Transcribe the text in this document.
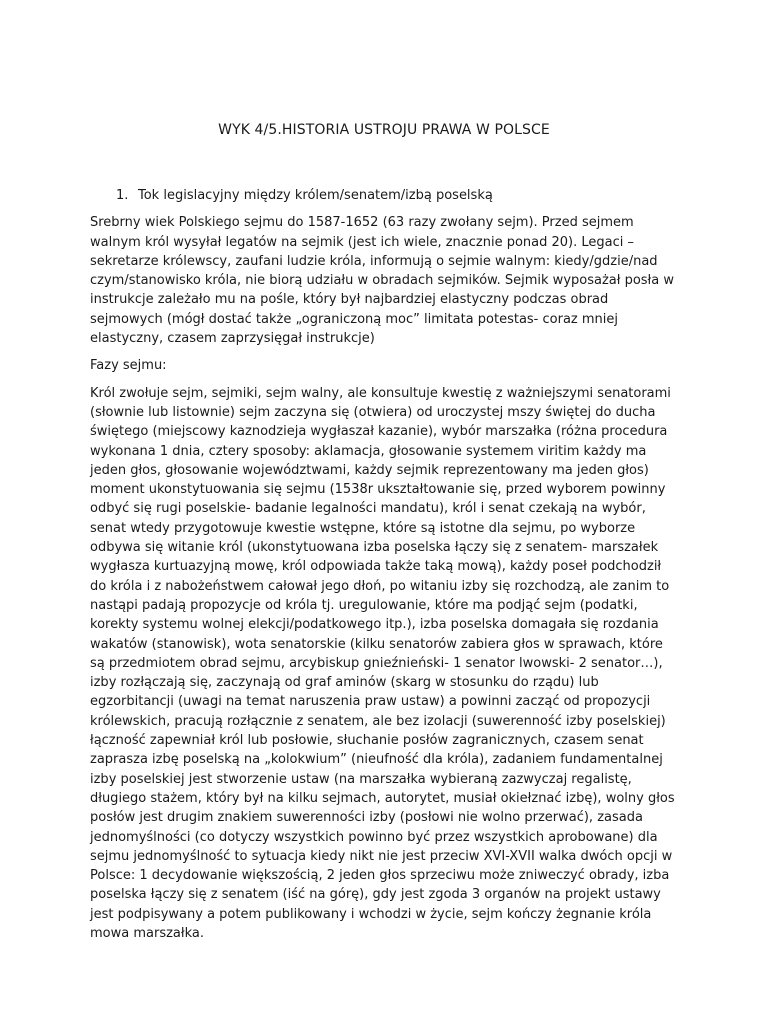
WYK 4/5.HISTORIA USTROJU PRAWA W POLSCE
1. Tok legislacyjny między królem/senatem/izbą poselską

Srebrny wiek Polskiego sejmu do 1587-1652 (63 razy zwołany sejm). Przed sejmem walnym król wysyłał legatów na sejmik (jest ich wiele, znacznie ponad 20). Legaci – sekretarze królewscy, zaufani ludzie króla, informują o sejmie walnym: kiedy/gdzie/nad czym/stanowisko króla, nie biorą udziału w obradach sejmików. Sejmik wyposażał posła w instrukcje zależało mu na pośle, który był najbardziej elastyczny podczas obrad sejmowych (mógł dostać także „ograniczoną moc” limitata potestas- coraz mniej elastyczny, czasem zaprzysięgał instrukcje)

Fazy sejmu:

Król zwołuje sejm, sejmiki, sejm walny, ale konsultuje kwestię z ważniejszymi senatorami (słownie lub listownie) sejm zaczyna się (otwiera) od uroczystej mszy świętej do ducha świętego (miejscowy kaznodzieja wygłaszał kazanie), wybór marszałka (różna procedura wykonana 1 dnia, cztery sposoby: aklamacja, głosowanie systemem viritim każdy ma jeden głos, głosowanie województwami, każdy sejmik reprezentowany ma jeden głos) moment ukonstytuowania się sejmu (1538r ukształtowanie się, przed wyborem powinny odbyć się rugi poselskie- badanie legalności mandatu), król i senat czekają na wybór, senat wtedy przygotowuje kwestie wstępne, które są istotne dla sejmu, po wyborze odbywa się witanie król (ukonstytuowana izba poselska łączy się z senatem- marszałek wygłasza kurtuazyjną mowę, król odpowiada także taką mową), każdy poseł podchodził do króla i z nabożeństwem całował jego dłoń, po witaniu izby się rozchodzą, ale zanim to nastąpi padają propozycje od króla tj. uregulowanie, które ma podjąć sejm (podatki, korekty systemu wolnej elekcji/podatkowego itp.), izba poselska domagała się rozdania wakatów (stanowisk), wota senatorskie (kilku senatorów zabiera głos w sprawach, które są przedmiotem obrad sejmu, arcybiskup gnieźnieński- 1 senator lwowski- 2 senator…), izby rozłączają się, zaczynają od graf aminów (skarg w stosunku do rządu) lub egzorbitancji (uwagi na temat naruszenia praw ustaw) a powinni zacząć od propozycji królewskich, pracują rozłącznie z senatem, ale bez izolacji (suwerenność izby poselskiej) łączność zapewniał król lub posłowie, słuchanie posłów zagranicznych, czasem senat zaprasza izbę poselską na „kolokwium” (nieufność dla króla), zadaniem fundamentalnej izby poselskiej jest stworzenie ustaw (na marszałka wybieraną zazwyczaj regalistę, długiego stażem, który był na kilku sejmach, autorytet, musiał okiełznać izbę), wolny głos posłów jest drugim znakiem suwerenności izby (posłowi nie wolno przerwać), zasada jednomyślności (co dotyczy wszystkich powinno być przez wszystkich aprobowane) dla sejmu jednomyślność to sytuacja kiedy nikt nie jest przeciw XVI-XVII walka dwóch opcji w Polsce: 1 decydowanie większością, 2 jeden głos sprzeciwu może zniweczyć obrady, izba poselska łączy się z senatem (iść na górę), gdy jest zgoda 3 organów na projekt ustawy jest podpisywany a potem publikowany i wchodzi w życie, sejm kończy żegnanie króla mowa marszałka.
